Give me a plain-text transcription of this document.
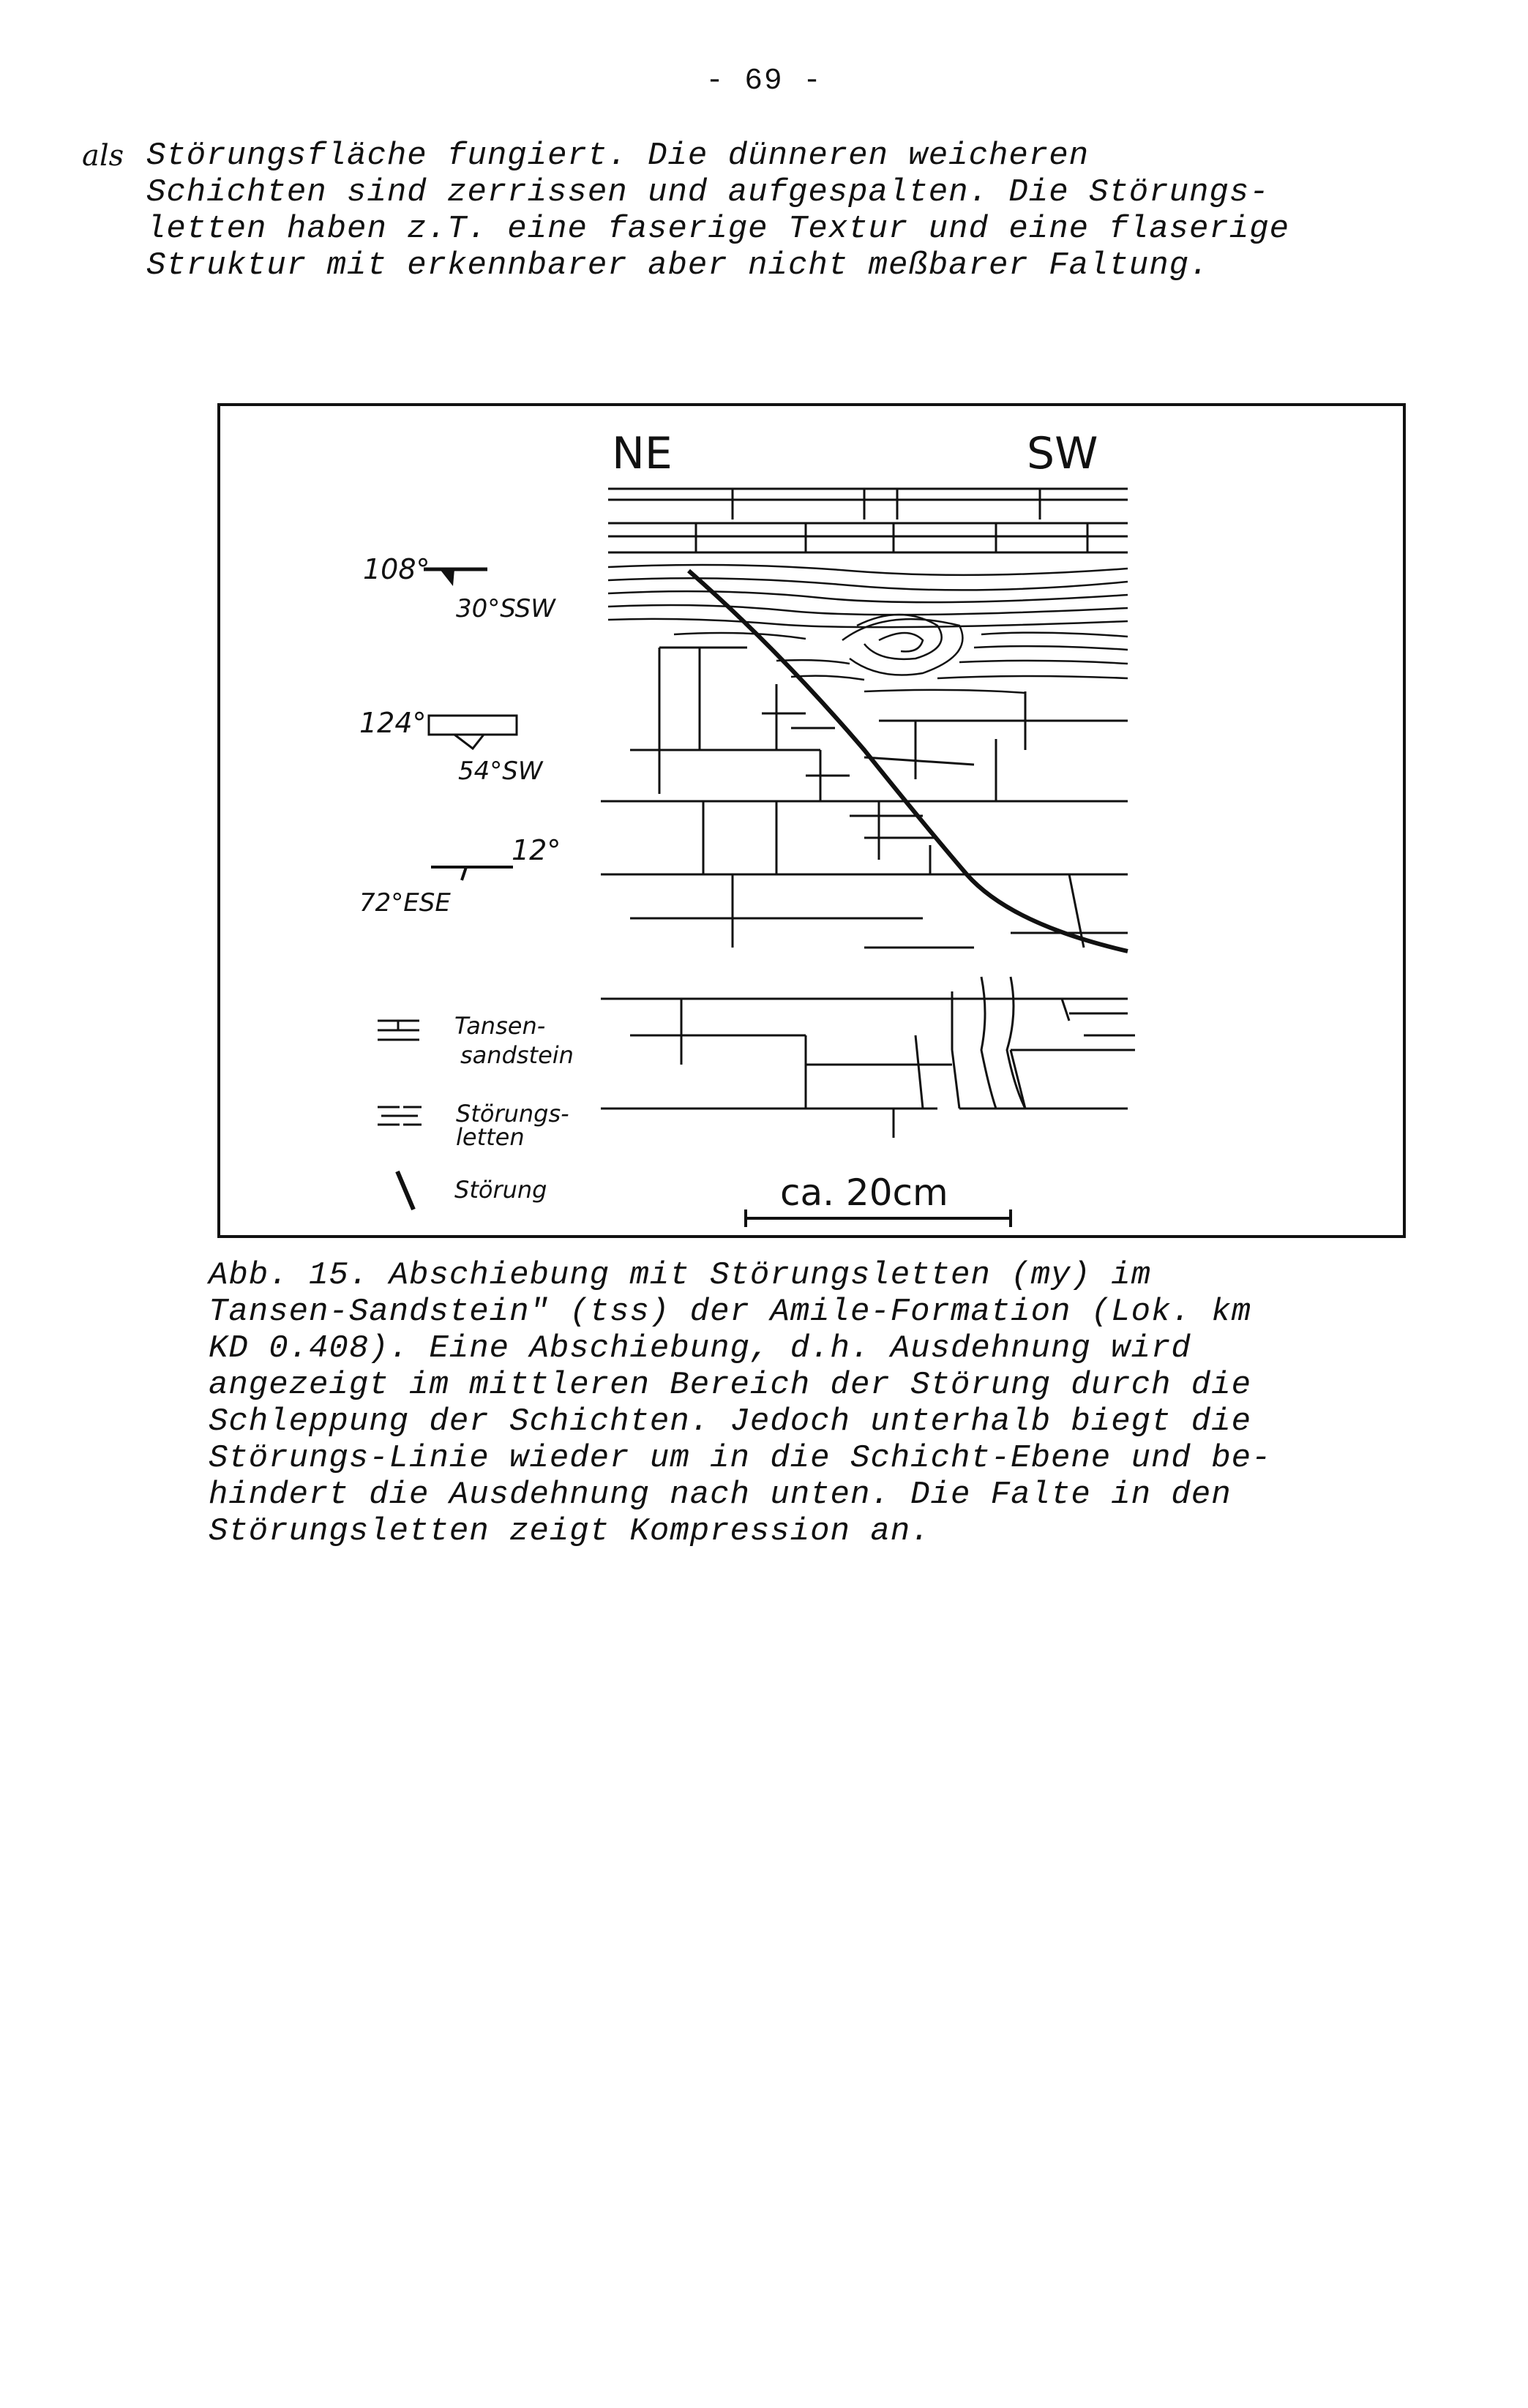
- 69 -
als Störungsfläche fungiert. Die dünneren weicheren
Schichten sind zerrissen und aufgespalten. Die Störungs-
letten haben z.T. eine faserige Textur und eine flaserige
Struktur mit erkennbarer aber nicht meßbarer Faltung.
NE	SW
108°
30°SSW
124°
54°SW
12°
72°ESE
Tansen-
sandstein
Störungs-
letten
Störung	ca. 20cm
Abb. 15. Abschiebung mit Störungsletten (my) im
Tansen-Sandstein" (tss) der Amile-Formation (Lok. km
KD 0.408). Eine Abschiebung, d.h. Ausdehnung wird
angezeigt im mittleren Bereich der Störung durch die
Schleppung der Schichten. Jedoch unterhalb biegt die
Störungs-Linie wieder um in die Schicht-Ebene und be-
hindert die Ausdehnung nach unten. Die Falte in den
Störungsletten zeigt Kompression an.
